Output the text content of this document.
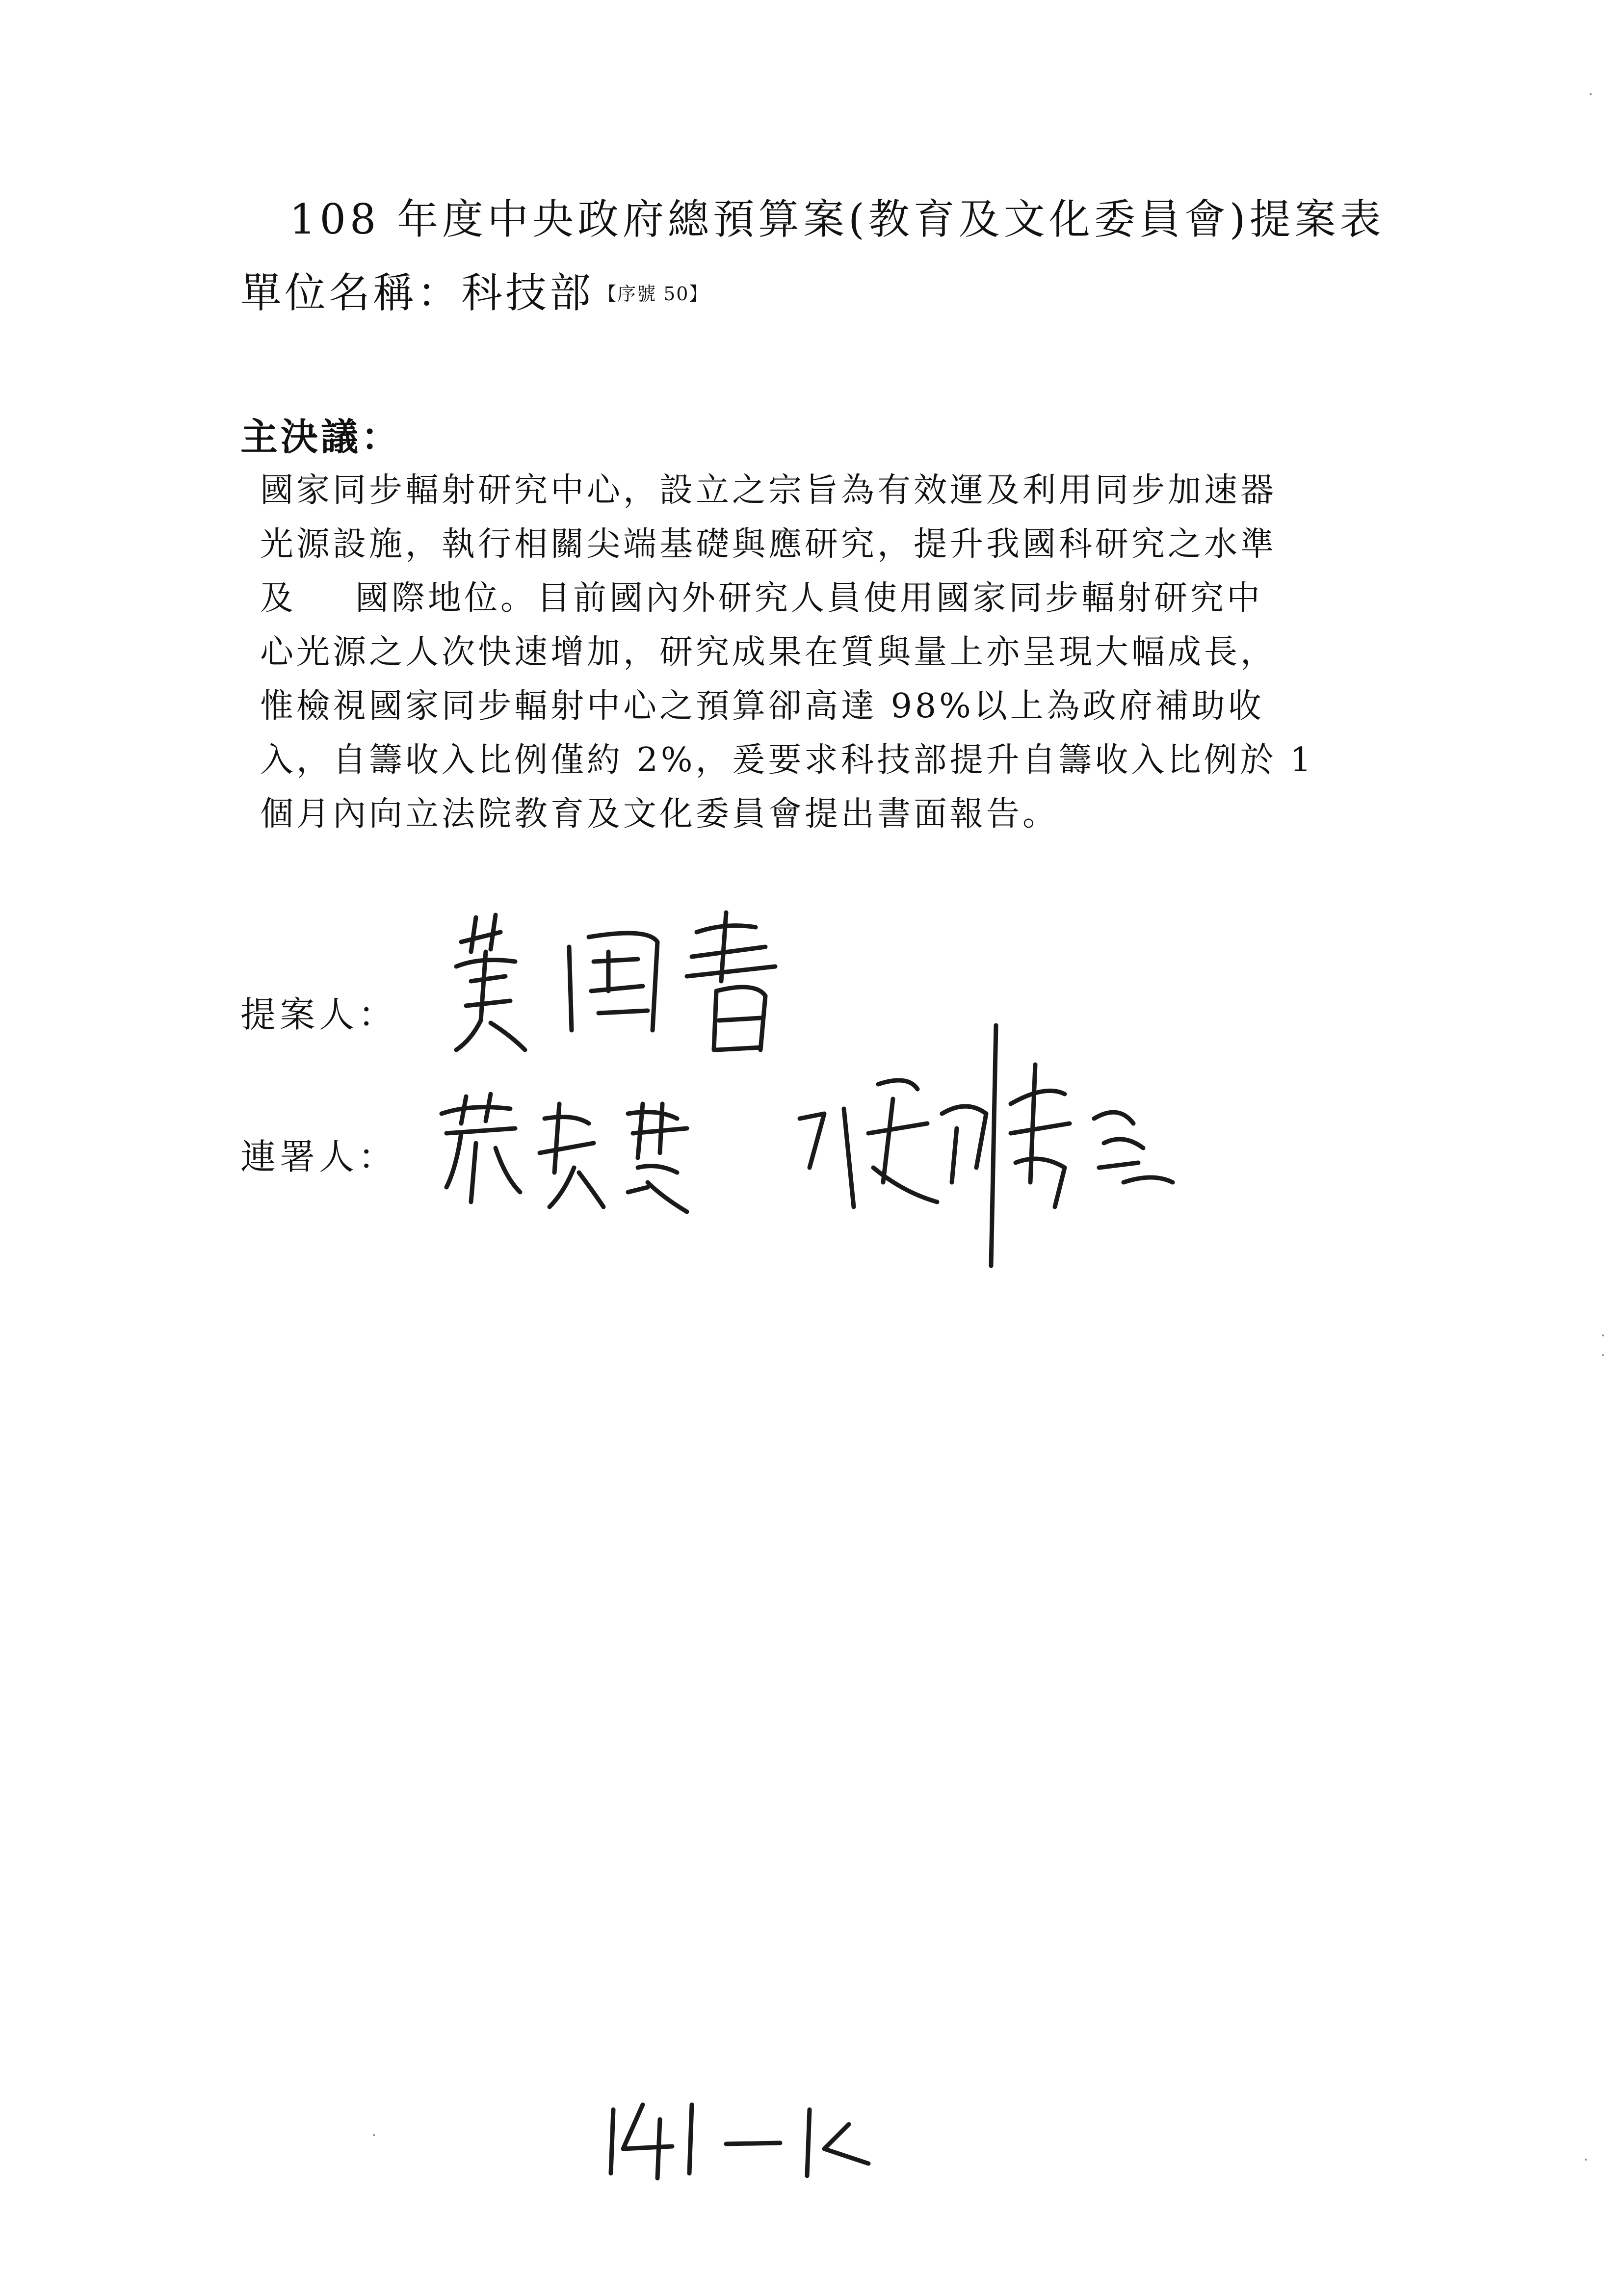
108 年度中央政府總預算案(教育及文化委員會)提案表
單位名稱：科技部 【序號 50】
主決議：
國家同步輻射研究中心，設立之宗旨為有效運及利用同步加速器
光源設施，執行相關尖端基礎與應研究，提升我國科研究之水準
及 國際地位。目前國內外研究人員使用國家同步輻射研究中
心光源之人次快速增加，研究成果在質與量上亦呈現大幅成長，
惟檢視國家同步輻射中心之預算卻高達 98%以上為政府補助收
入，自籌收入比例僅約 2%，爰要求科技部提升自籌收入比例於 1
個月內向立法院教育及文化委員會提出書面報告。
提案人：
連署人：
